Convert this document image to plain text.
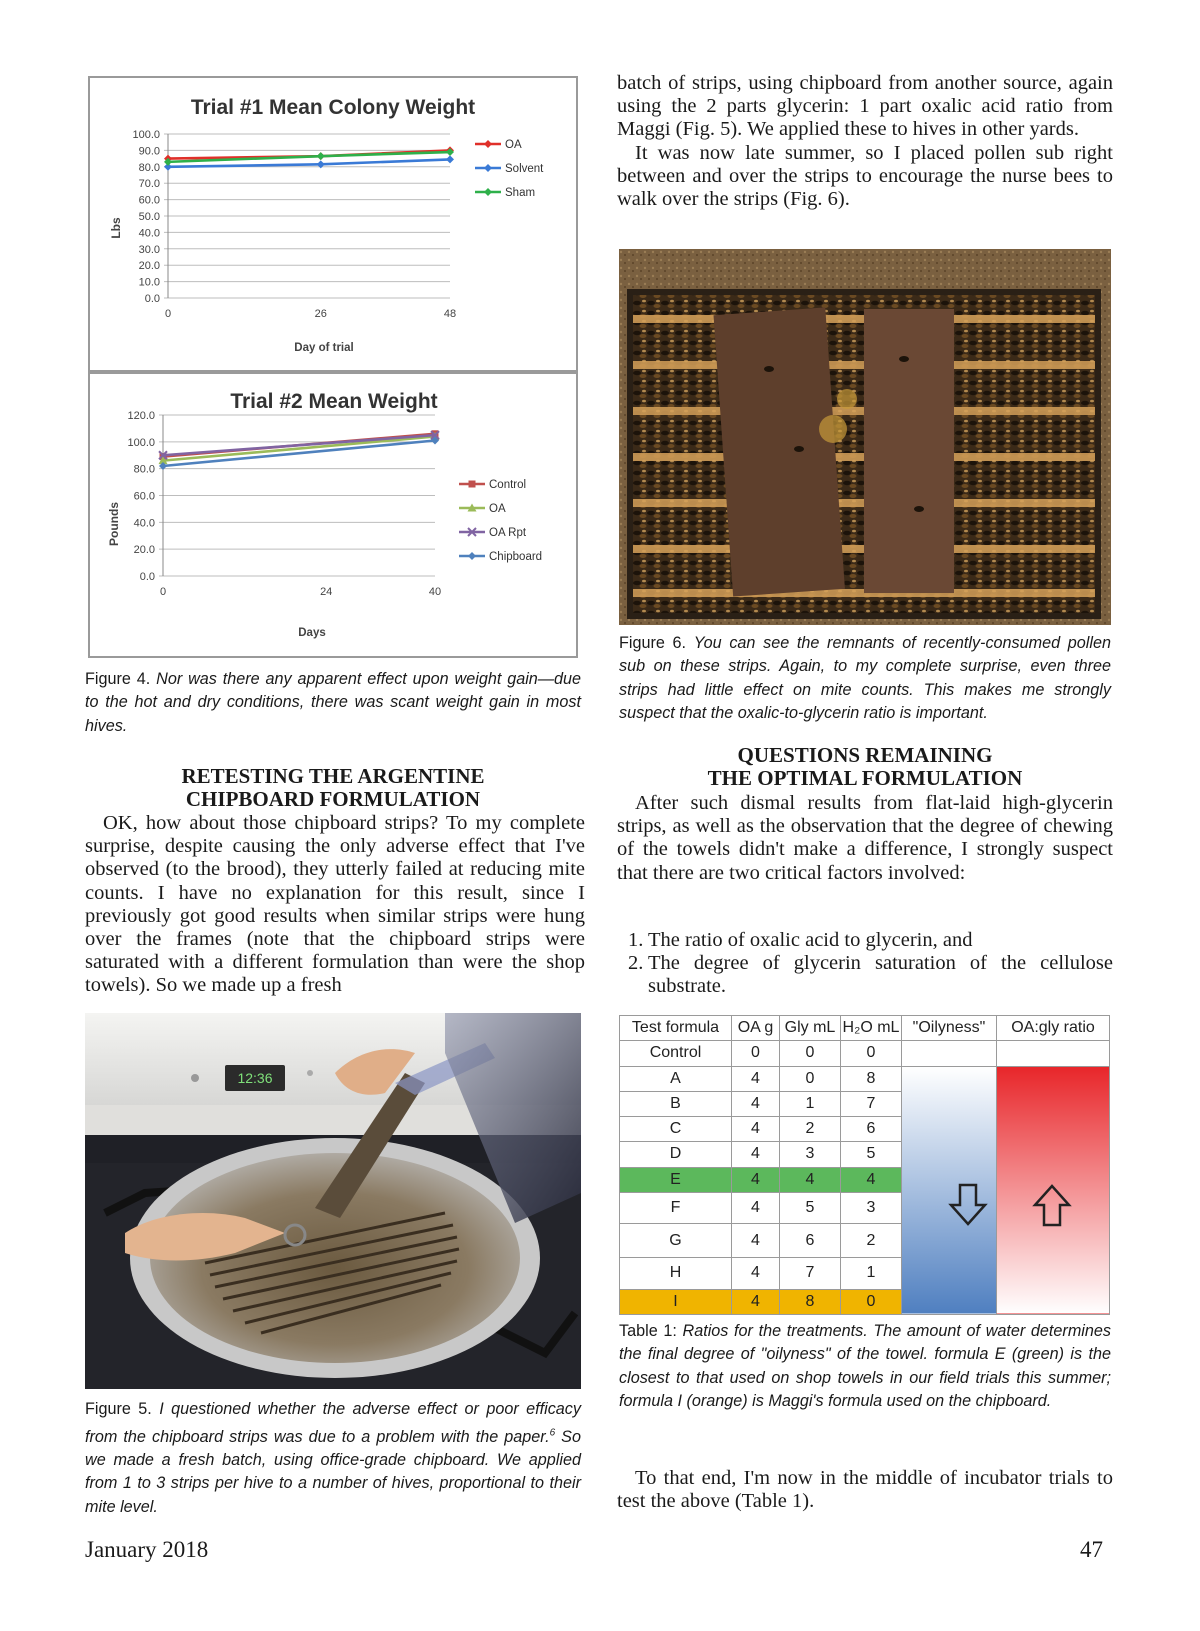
Trial #1 Mean Colony Weight
100.0
90.0
80.0
70.0
60.0
50.0
40.0
30.0
20.0
10.0
0.0
0	26	48
Lbs
Day of trial
OA
Solvent
Sham
Trial #2 Mean Weight
120.0
100.0
80.0
60.0
40.0
20.0
0.0
0	24	40
Pounds
Days
Control
OA
OA Rpt
Chipboard
Figure 4. Nor was there any apparent effect upon weight gain—due to the hot and dry conditions, there was scant weight gain in most hives.
RETESTING THE ARGENTINE
CHIPBOARD FORMULATION

OK, how about those chipboard strips? To my complete surprise, despite causing the only adverse effect that I've observed (to the brood), they utterly failed at reducing mite counts. I have no explanation for this result, since I previously got good results when similar strips were hung over the frames (note that the chipboard strips were saturated with a different formulation than were the shop towels). So we made up a fresh

12:36
Figure 5. I questioned whether the adverse effect or poor efficacy from the chipboard strips was due to a problem with the paper.$^6$ So we made a fresh batch, using office-grade chipboard. We applied from 1 to 3 strips per hive to a number of hives, proportional to their mite level.
January 2018

batch of strips, using chipboard from another source, again using the 2 parts glycerin: 1 part oxalic acid ratio from Maggi (Fig. 5). We applied these to hives in other yards.

It was now late summer, so I placed pollen sub right between and over the strips to encourage the nurse bees to walk over the strips (Fig. 6).

Figure 6. You can see the remnants of recently-consumed pollen sub on these strips. Again, to my complete surprise, even three strips had little effect on mite counts. This makes me strongly suspect that the oxalic-to-glycerin ratio is important.
QUESTIONS REMAINING
THE OPTIMAL FORMULATION

After such dismal results from flat-laid high-glycerin strips, as well as the observation that the degree of chewing of the towels didn't make a difference, I strongly suspect that there are two critical factors involved:

1. The ratio of oxalic acid to glycerin, and
2. The degree of glycerin saturation of the cellulose substrate.
Test formula	OA g	Gly mL	H₂O mL	"Oilyness"	OA:gly ratio
Control	0	0	0		
A	4	0	8		
B	4	1	7		
C	4	2	6		
D	4	3	5		
E	4	4	4		
F	4	5	3		
G	4	6	2		
H	4	7	1		
I	4	8	0		
Table 1: Ratios for the treatments. The amount of water determines the final degree of "oilyness" of the towel. formula E (green) is the closest to that used on shop towels in our field trials this summer; formula I (orange) is Maggi's formula used on the chipboard.

To that end, I'm now in the middle of incubator trials to test the above (Table 1).

47
